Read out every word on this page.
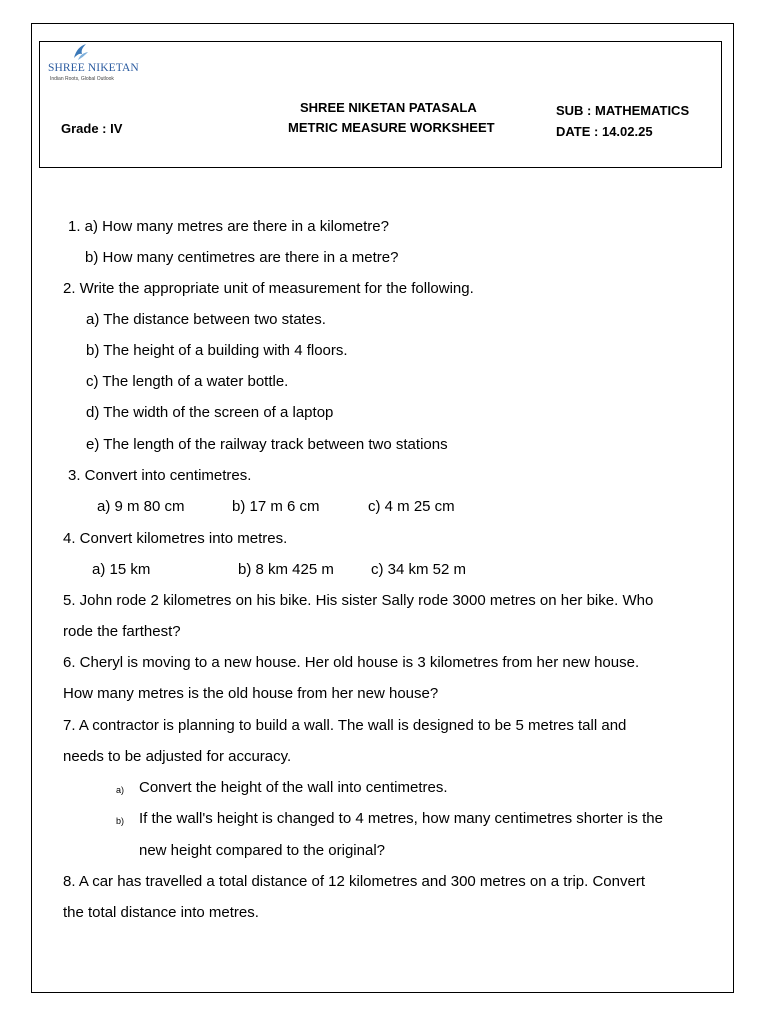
SHREE NIKETAN
Indian Roots, Global Outlook
SHREE NIKETAN PATASALA
METRIC MEASURE WORKSHEET
Grade : IV
SUB : MATHEMATICS
DATE : 14.02.25
1. a) How many metres are there in a kilometre?
b) How many centimetres are there in a metre?
2. Write the appropriate unit of measurement for the following.
a) The distance between two states.
b) The height of a building with 4 floors.
c) The length of a water bottle.
d) The width of the screen of a laptop
e) The length of the railway track between two stations
3. Convert into centimetres.
a) 9 m 80 cm	b) 17 m 6 cm	c) 4 m 25 cm
4. Convert kilometres into metres.
a) 15 km	b) 8 km 425 m c) 34 km 52 m
5. John rode 2 kilometres on his bike. His sister Sally rode 3000 metres on her bike. Who
rode the farthest?
6. Cheryl is moving to a new house. Her old house is 3 kilometres from her new house.
How many metres is the old house from her new house?
7. A contractor is planning to build a wall. The wall is designed to be 5 metres tall and
needs to be adjusted for accuracy.
a) Convert the height of the wall into centimetres.
b) If the wall's height is changed to 4 metres, how many centimetres shorter is the
new height compared to the original?
8. A car has travelled a total distance of 12 kilometres and 300 metres on a trip. Convert
the total distance into metres.
